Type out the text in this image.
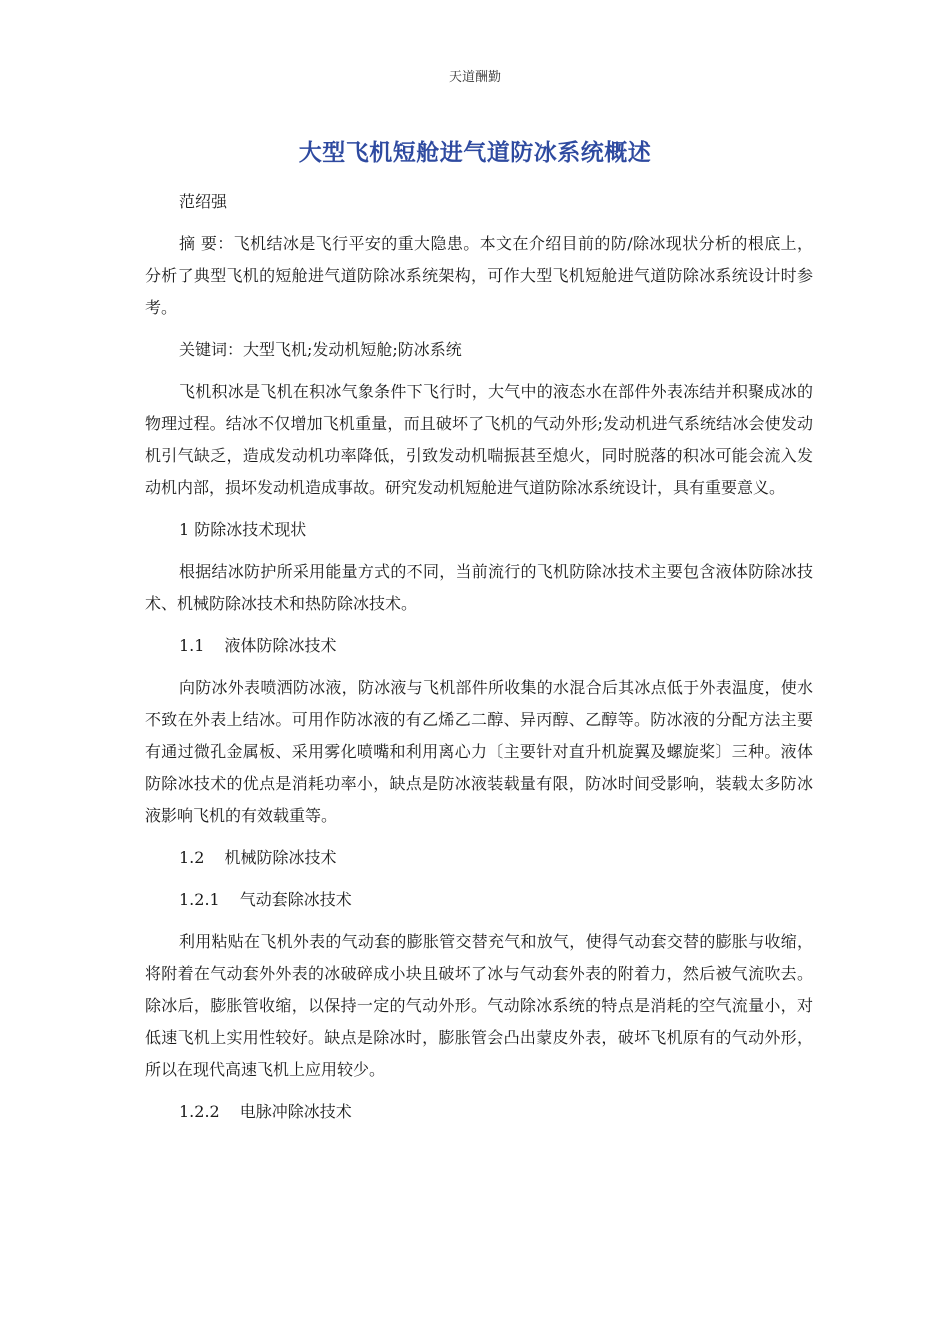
天道酬勤
大型飞机短舱进气道防冰系统概述

范绍强

摘 要：飞机结冰是飞行平安的重大隐患。本文在介绍目前的防/除冰现状分析的根底上，分析了典型飞机的短舱进气道防除冰系统架构，可作大型飞机短舱进气道防除冰系统设计时参考。

关键词：大型飞机;发动机短舱;防冰系统

飞机积冰是飞机在积冰气象条件下飞行时，大气中的液态水在部件外表冻结并积聚成冰的物理过程。结冰不仅增加飞机重量，而且破坏了飞机的气动外形;发动机进气系统结冰会使发动机引气缺乏，造成发动机功率降低，引致发动机喘振甚至熄火，同时脱落的积冰可能会流入发动机内部，损坏发动机造成事故。研究发动机短舱进气道防除冰系统设计，具有重要意义。

1 防除冰技术现状

根据结冰防护所采用能量方式的不同，当前流行的飞机防除冰技术主要包含液体防除冰技术、机械防除冰技术和热防除冰技术。

1.1 液体防除冰技术

向防冰外表喷洒防冰液，防冰液与飞机部件所收集的水混合后其冰点低于外表温度，使水不致在外表上结冰。可用作防冰液的有乙烯乙二醇、异丙醇、乙醇等。防冰液的分配方法主要有通过微孔金属板、采用雾化喷嘴和利用离心力〔主要针对直升机旋翼及螺旋桨〕三种。液体防除冰技术的优点是消耗功率小，缺点是防冰液装载量有限，防冰时间受影响，装载太多防冰液影响飞机的有效载重等。

1.2 机械防除冰技术

1.2.1 气动套除冰技术

利用粘贴在飞机外表的气动套的膨胀管交替充气和放气，使得气动套交替的膨胀与收缩，将附着在气动套外外表的冰破碎成小块且破坏了冰与气动套外表的附着力，然后被气流吹去。除冰后，膨胀管收缩，以保持一定的气动外形。气动除冰系统的特点是消耗的空气流量小，对低速飞机上实用性较好。缺点是除冰时，膨胀管会凸出蒙皮外表，破坏飞机原有的气动外形，所以在现代高速飞机上应用较少。

1.2.2 电脉冲除冰技术
